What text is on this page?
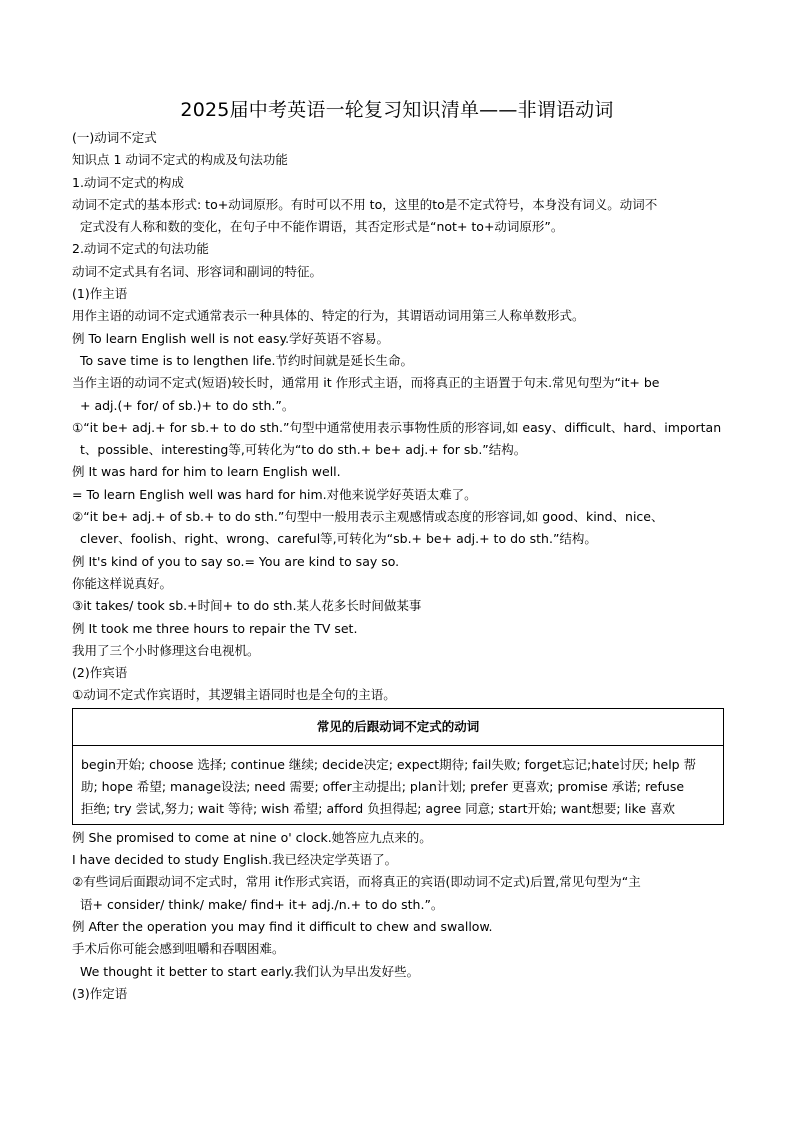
2025届中考英语一轮复习知识清单——非谓语动词
(一)动词不定式
知识点 1 动词不定式的构成及句法功能
1.动词不定式的构成
动词不定式的基本形式: to+动词原形。有时可以不用 to，这里的to是不定式符号，本身没有词义。动词不
定式没有人称和数的变化，在句子中不能作谓语，其否定形式是“not+ to+动词原形”。
2.动词不定式的句法功能
动词不定式具有名词、形容词和副词的特征。
(1)作主语
用作主语的动词不定式通常表示一种具体的、特定的行为，其谓语动词用第三人称单数形式。
例 To learn English well is not easy.学好英语不容易。
To save time is to lengthen life.节约时间就是延长生命。
当作主语的动词不定式(短语)较长时，通常用 it 作形式主语，而将真正的主语置于句末.常见句型为“it+ be
+ adj.(+ for/ of sb.)+ to do sth.”。
①“it be+ adj.+ for sb.+ to do sth.”句型中通常使用表示事物性质的形容词,如 easy、difficult、hard、importan
t、possible、interesting等,可转化为“to do sth.+ be+ adj.+ for sb.”结构。
例 It was hard for him to learn English well.
= To learn English well was hard for him.对他来说学好英语太难了。
②“it be+ adj.+ of sb.+ to do sth.”句型中一般用表示主观感情或态度的形容词,如 good、kind、nice、
clever、foolish、right、wrong、careful等,可转化为“sb.+ be+ adj.+ to do sth.”结构。
例 It's kind of you to say so.= You are kind to say so.
你能这样说真好。
③it takes/ took sb.+时间+ to do sth.某人花多长时间做某事
例 It took me three hours to repair the TV set.
我用了三个小时修理这台电视机。
(2)作宾语
①动词不定式作宾语时，其逻辑主语同时也是全句的主语。
常见的后跟动词不定式的动词
begin开始; choose 选择; continue 继续; decide决定; expect期待; fail失败; forget忘记;hate讨厌; help 帮
助; hope 希望; manage设法; need 需要; offer主动提出; plan计划; prefer 更喜欢; promise 承诺; refuse
拒绝; try 尝试,努力; wait 等待; wish 希望; afford 负担得起; agree 同意; start开始; want想要; like 喜欢
例 She promised to come at nine o' clock.她答应九点来的。
I have decided to study English.我已经决定学英语了。
②有些词后面跟动词不定式时，常用 it作形式宾语，而将真正的宾语(即动词不定式)后置,常见句型为“主
语+ consider/ think/ make/ find+ it+ adj./n.+ to do sth.”。
例 After the operation you may find it difficult to chew and swallow.
手术后你可能会感到咀嚼和吞咽困难。
We thought it better to start early.我们认为早出发好些。
(3)作定语
